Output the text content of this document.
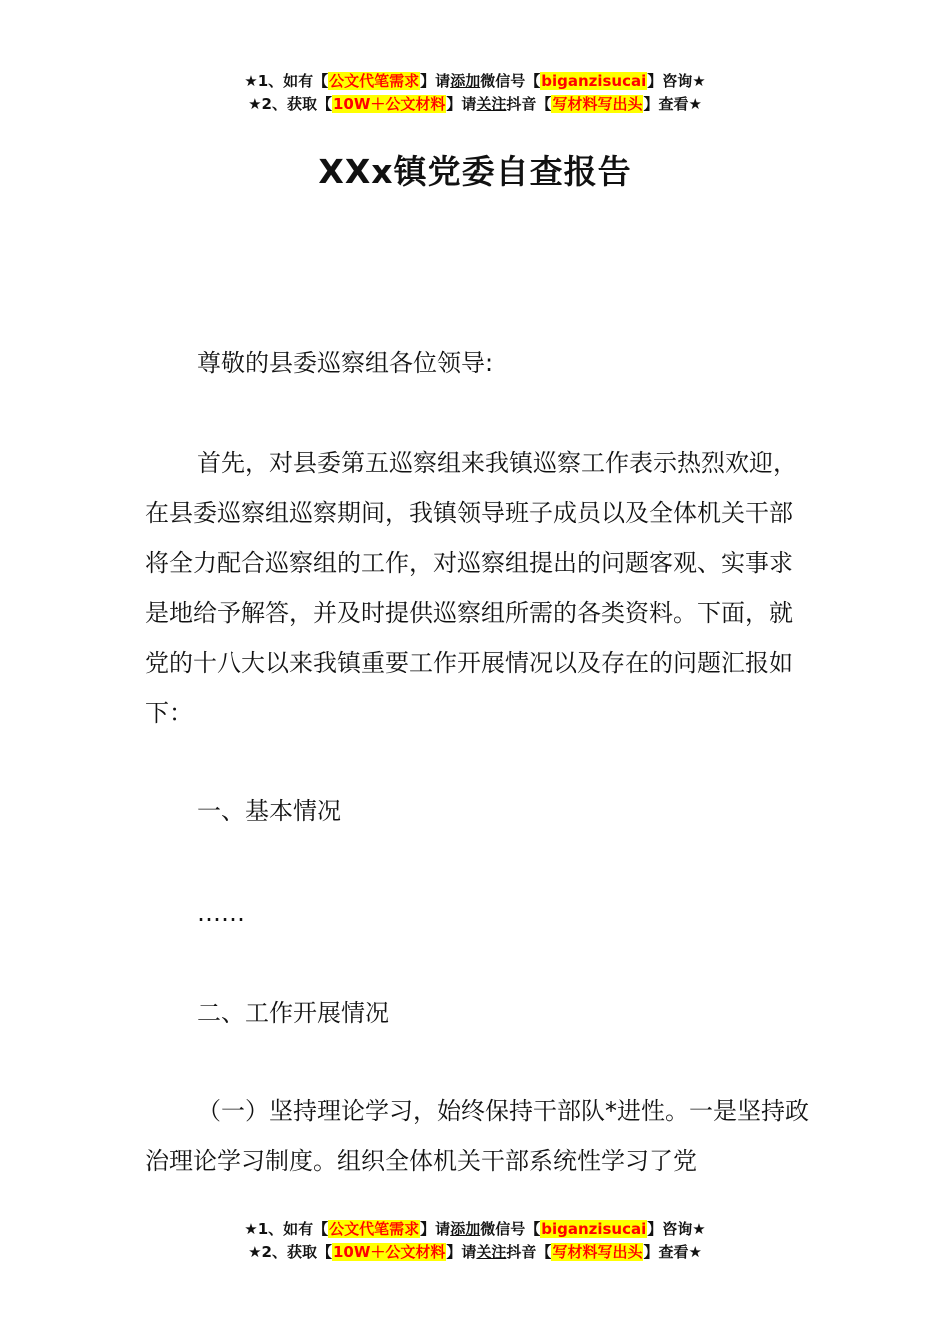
★1、如有【公文代笔需求】请添加微信号【biganzisucai】咨询★
★2、获取【10W＋公文材料】请关注抖音【写材料写出头】查看★
XXx镇党委自查报告
尊敬的县委巡察组各位领导:
首先，对县委第五巡察组来我镇巡察工作表示热烈欢迎，在县委巡察组巡察期间，我镇领导班子成员以及全体机关干部将全力配合巡察组的工作，对巡察组提出的问题客观、实事求是地给予解答，并及时提供巡察组所需的各类资料。下面，就党的十八大以来我镇重要工作开展情况以及存在的问题汇报如下：
一、基本情况
……
二、工作开展情况
（一）坚持理论学习，始终保持干部队*进性。一是坚持政治理论学习制度。组织全体机关干部系统性学习了党
★1、如有【公文代笔需求】请添加微信号【biganzisucai】咨询★
★2、获取【10W＋公文材料】请关注抖音【写材料写出头】查看★
